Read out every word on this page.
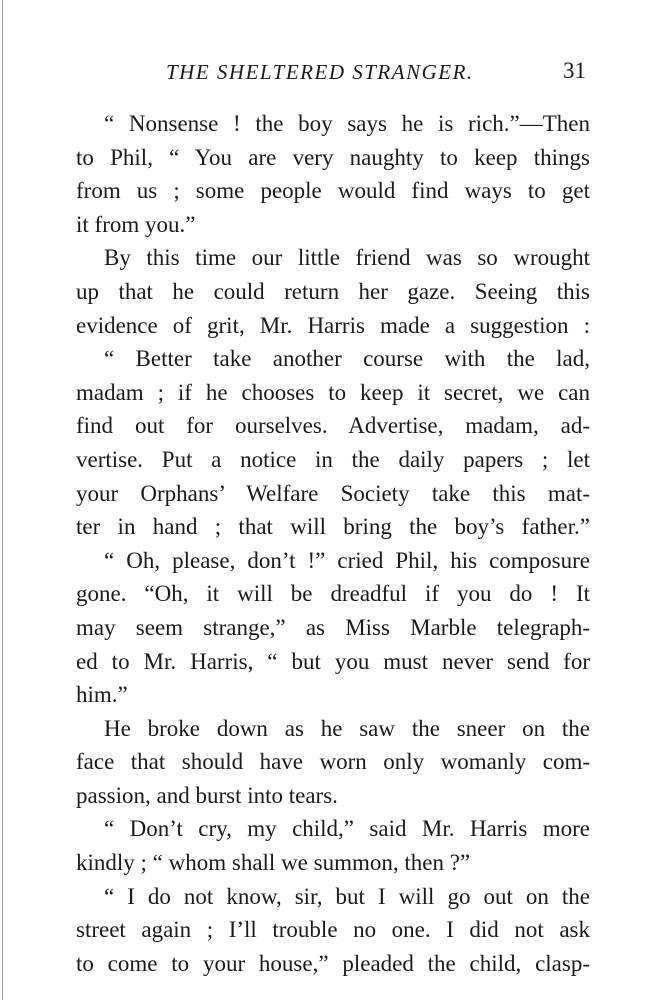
THE SHELTERED STRANGER.	31
“ Nonsense ! the boy says he is rich.”—Then
to Phil, “ You are very naughty to keep things
from us ; some people would find ways to get
it from you.”
By this time our little friend was so wrought
up that he could return her gaze. Seeing this
evidence of grit, Mr. Harris made a suggestion :
“ Better take another course with the lad,
madam ; if he chooses to keep it secret, we can
find out for ourselves. Advertise, madam, ad-
vertise. Put a notice in the daily papers ; let
your Orphans’ Welfare Society take this mat-
ter in hand ; that will bring the boy’s father.”
“ Oh, please, don’t !” cried Phil, his composure
gone. “Oh, it will be dreadful if you do ! It
may seem strange,” as Miss Marble telegraph-
ed to Mr. Harris, “ but you must never send for
him.”
He broke down as he saw the sneer on the
face that should have worn only womanly com-
passion, and burst into tears.
“ Don’t cry, my child,” said Mr. Harris more
kindly ; “ whom shall we summon, then ?”
“ I do not know, sir, but I will go out on the
street again ; I’ll trouble no one. I did not ask
to come to your house,” pleaded the child, clasp-
